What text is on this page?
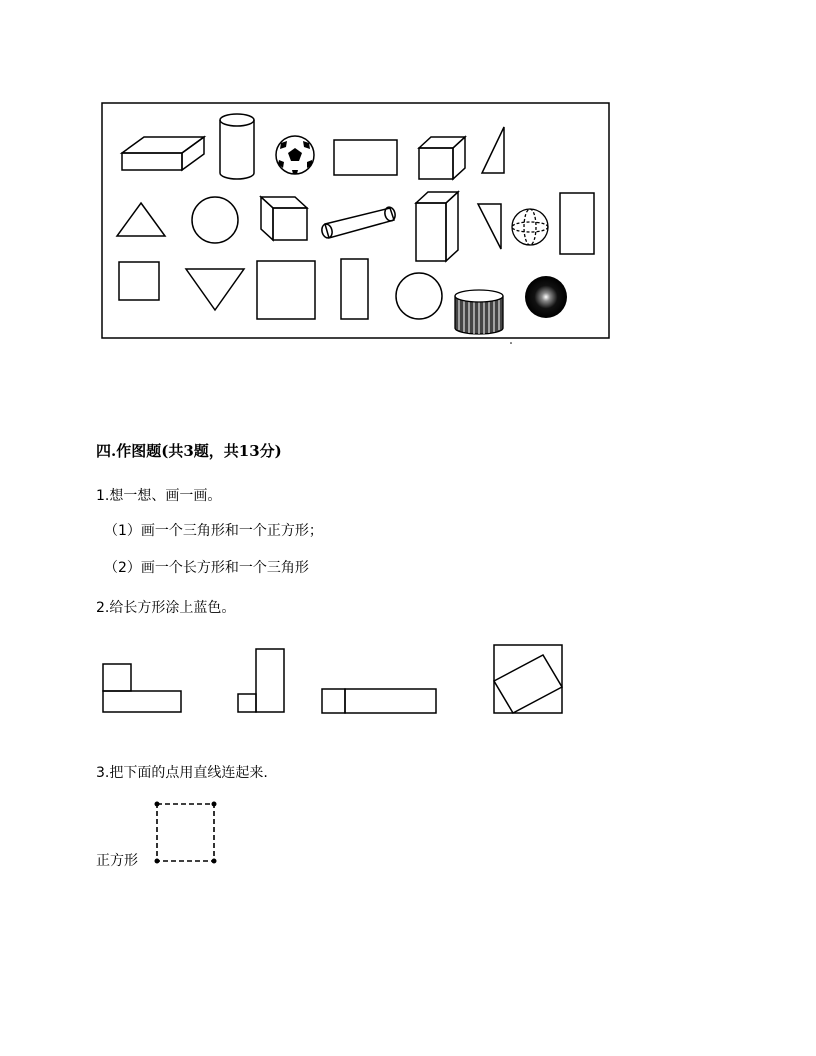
四.作图题(共3题，共13分)
1.想一想、画一画。
（1）画一个三角形和一个正方形；
（2）画一个长方形和一个三角形
2.给长方形涂上蓝色。
3.把下面的点用直线连起来.
正方形
